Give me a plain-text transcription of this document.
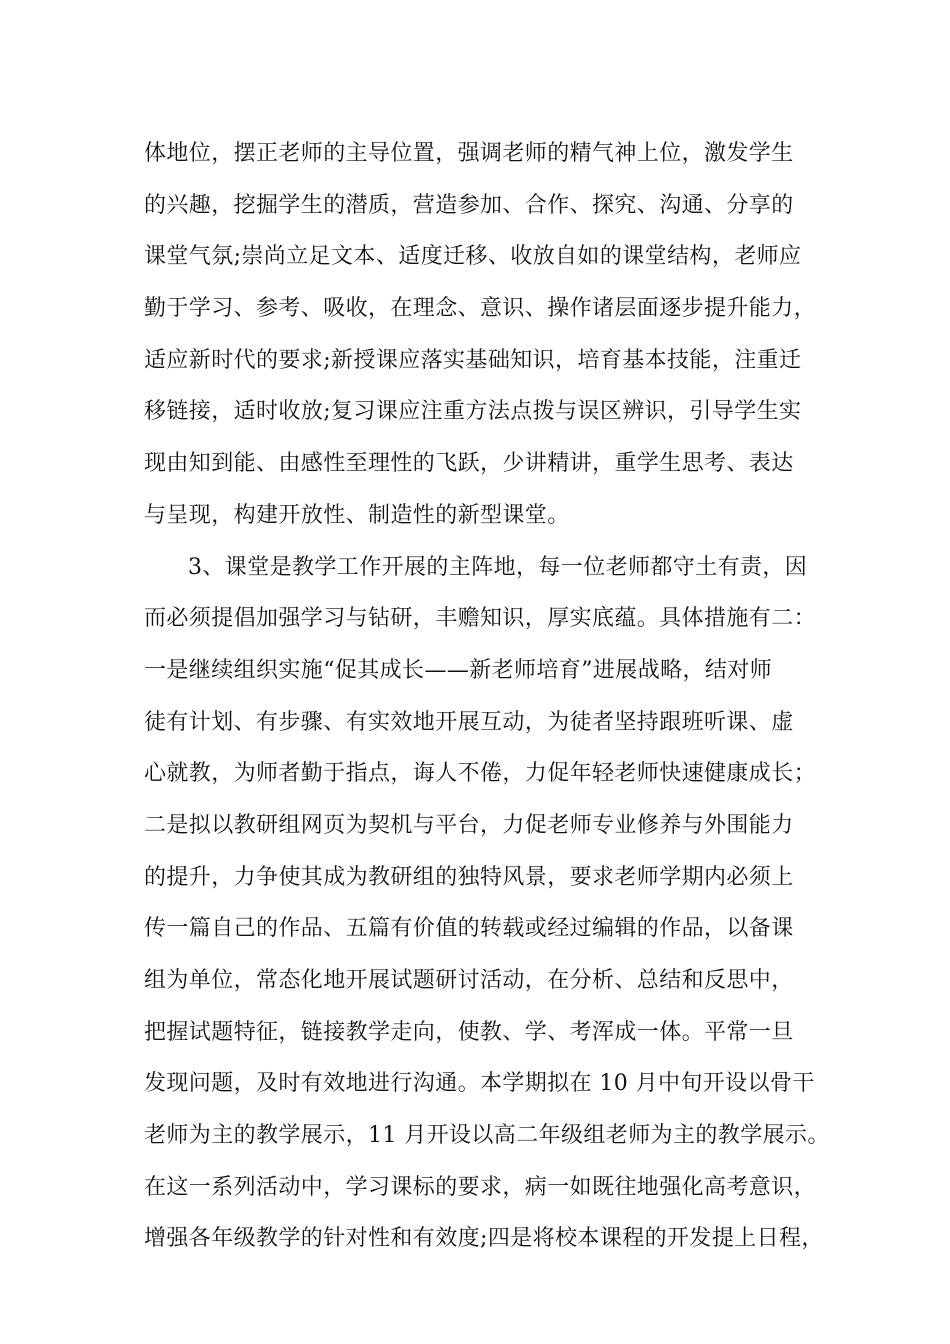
体地位，摆正老师的主导位置，强调老师的精气神上位，激发学生
的兴趣，挖掘学生的潜质，营造参加、合作、探究、沟通、分享的
课堂气氛;崇尚立足文本、适度迁移、收放自如的课堂结构，老师应
勤于学习、参考、吸收，在理念、意识、操作诸层面逐步提升能力，
适应新时代的要求;新授课应落实基础知识，培育基本技能，注重迁
移链接，适时收放;复习课应注重方法点拨与误区辨识，引导学生实
现由知到能、由感性至理性的飞跃，少讲精讲，重学生思考、表达
与呈现，构建开放性、制造性的新型课堂。
3、课堂是教学工作开展的主阵地，每一位老师都守土有责，因
而必须提倡加强学习与钻研，丰赡知识，厚实底蕴。具体措施有二：
一是继续组织实施“促其成长——新老师培育”进展战略，结对师
徒有计划、有步骤、有实效地开展互动，为徒者坚持跟班听课、虚
心就教，为师者勤于指点，诲人不倦，力促年轻老师快速健康成长；
二是拟以教研组网页为契机与平台，力促老师专业修养与外围能力
的提升，力争使其成为教研组的独特风景，要求老师学期内必须上
传一篇自己的作品、五篇有价值的转载或经过编辑的作品，以备课
组为单位，常态化地开展试题研讨活动，在分析、总结和反思中，
把握试题特征，链接教学走向，使教、学、考浑成一体。平常一旦
发现问题，及时有效地进行沟通。本学期拟在 10 月中旬开设以骨干
老师为主的教学展示，11 月开设以高二年级组老师为主的教学展示。
在这一系列活动中，学习课标的要求，病一如既往地强化高考意识，
增强各年级教学的针对性和有效度;四是将校本课程的开发提上日程，
